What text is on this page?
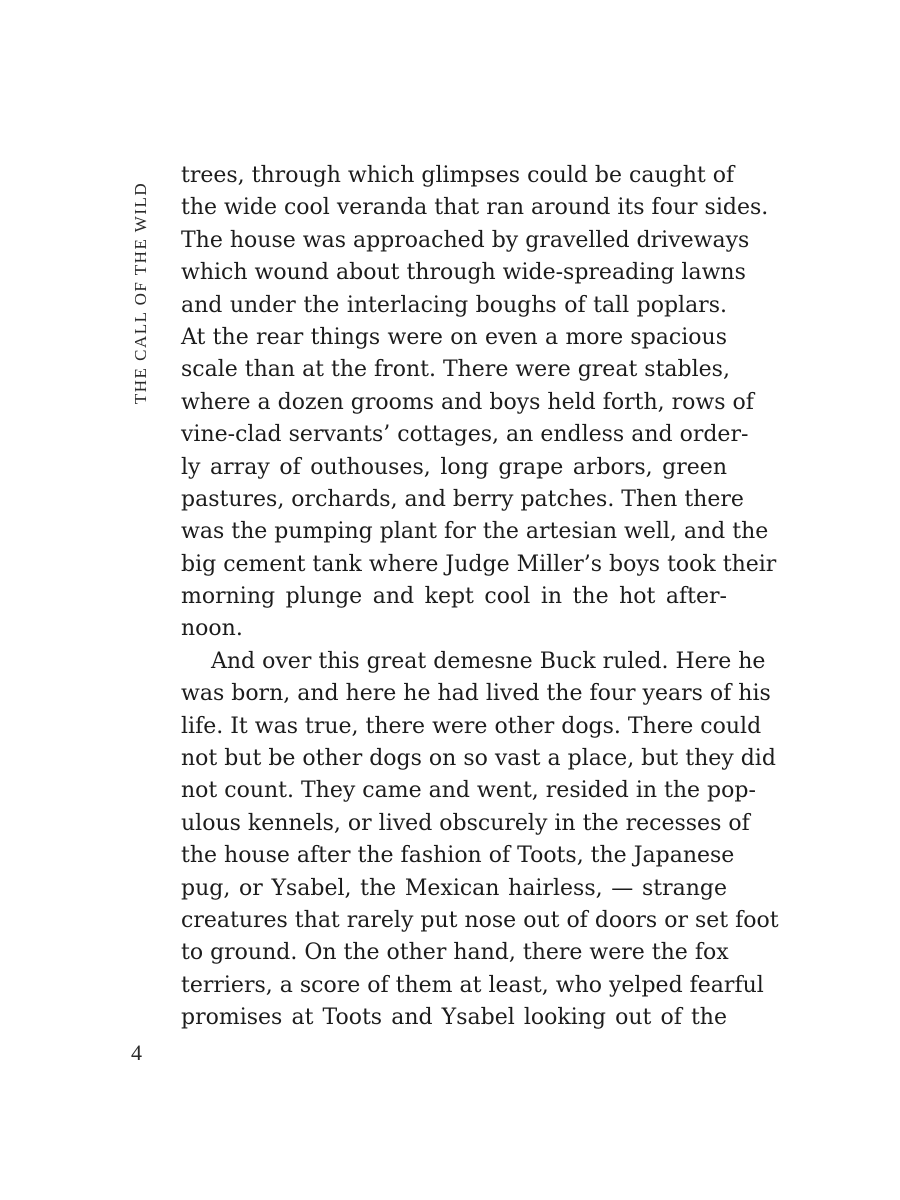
THE CALL OF THE WILD
trees, through which glimpses could be caught of
the wide cool veranda that ran around its four sides.
The house was approached by gravelled driveways
which wound about through wide-spreading lawns
and under the interlacing boughs of tall poplars.
At the rear things were on even a more spacious
scale than at the front. There were great stables,
where a dozen grooms and boys held forth, rows of
vine-clad servants’ cottages, an endless and order-
ly array of outhouses, long grape arbors, green
pastures, orchards, and berry patches. Then there
was the pumping plant for the artesian well, and the
big cement tank where Judge Miller’s boys took their
morning plunge and kept cool in the hot after-
noon.
And over this great demesne Buck ruled. Here he
was born, and here he had lived the four years of his
life. It was true, there were other dogs. There could
not but be other dogs on so vast a place, but they did
not count. They came and went, resided in the pop-
ulous kennels, or lived obscurely in the recesses of
the house after the fashion of Toots, the Japanese
pug, or Ysabel, the Mexican hairless, — strange
creatures that rarely put nose out of doors or set foot
to ground. On the other hand, there were the fox
terriers, a score of them at least, who yelped fearful
promises at Toots and Ysabel looking out of the
4
